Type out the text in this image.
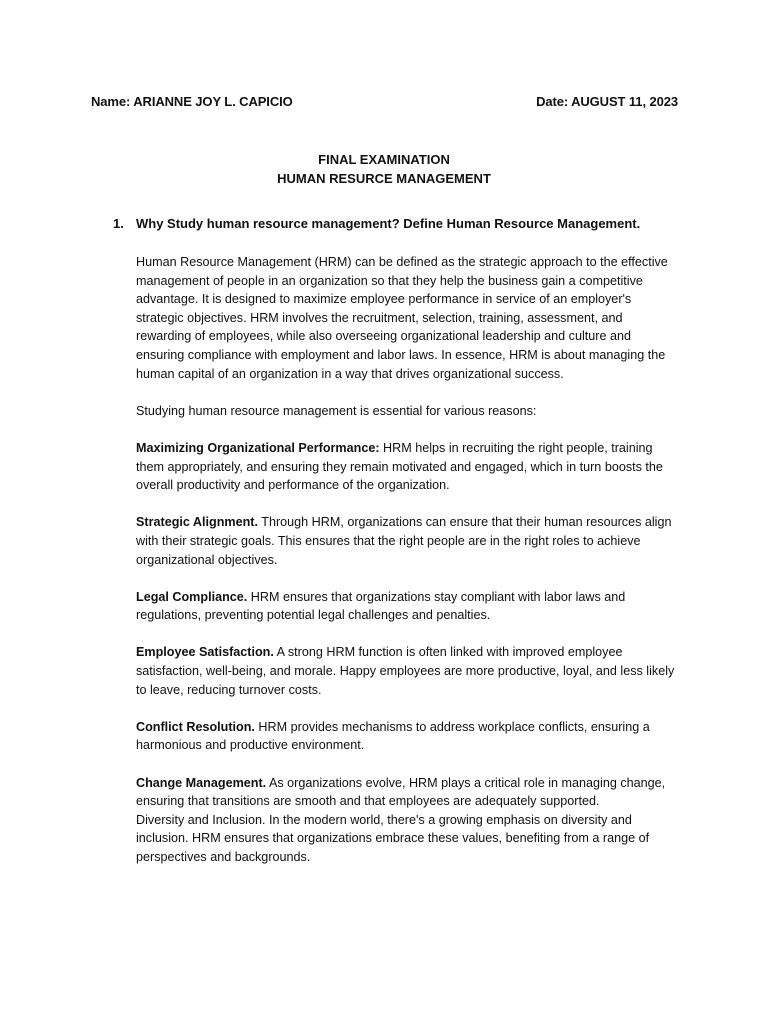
Name: ARIANNE JOY L. CAPICIO	Date: AUGUST 11, 2023
FINAL EXAMINATION
HUMAN RESURCE MANAGEMENT
1. Why Study human resource management? Define Human Resource Management.

Human Resource Management (HRM) can be defined as the strategic approach to the effective management of people in an organization so that they help the business gain a competitive advantage. It is designed to maximize employee performance in service of an employer's strategic objectives. HRM involves the recruitment, selection, training, assessment, and rewarding of employees, while also overseeing organizational leadership and culture and ensuring compliance with employment and labor laws. In essence, HRM is about managing the human capital of an organization in a way that drives organizational success.

Studying human resource management is essential for various reasons:

Maximizing Organizational Performance: HRM helps in recruiting the right people, training them appropriately, and ensuring they remain motivated and engaged, which in turn boosts the overall productivity and performance of the organization.

Strategic Alignment. Through HRM, organizations can ensure that their human resources align with their strategic goals. This ensures that the right people are in the right roles to achieve organizational objectives.

Legal Compliance. HRM ensures that organizations stay compliant with labor laws and regulations, preventing potential legal challenges and penalties.

Employee Satisfaction. A strong HRM function is often linked with improved employee satisfaction, well-being, and morale. Happy employees are more productive, loyal, and less likely to leave, reducing turnover costs.

Conflict Resolution. HRM provides mechanisms to address workplace conflicts, ensuring a harmonious and productive environment.

Change Management. As organizations evolve, HRM plays a critical role in managing change, ensuring that transitions are smooth and that employees are adequately supported.

Diversity and Inclusion. In the modern world, there's a growing emphasis on diversity and inclusion. HRM ensures that organizations embrace these values, benefiting from a range of perspectives and backgrounds.
